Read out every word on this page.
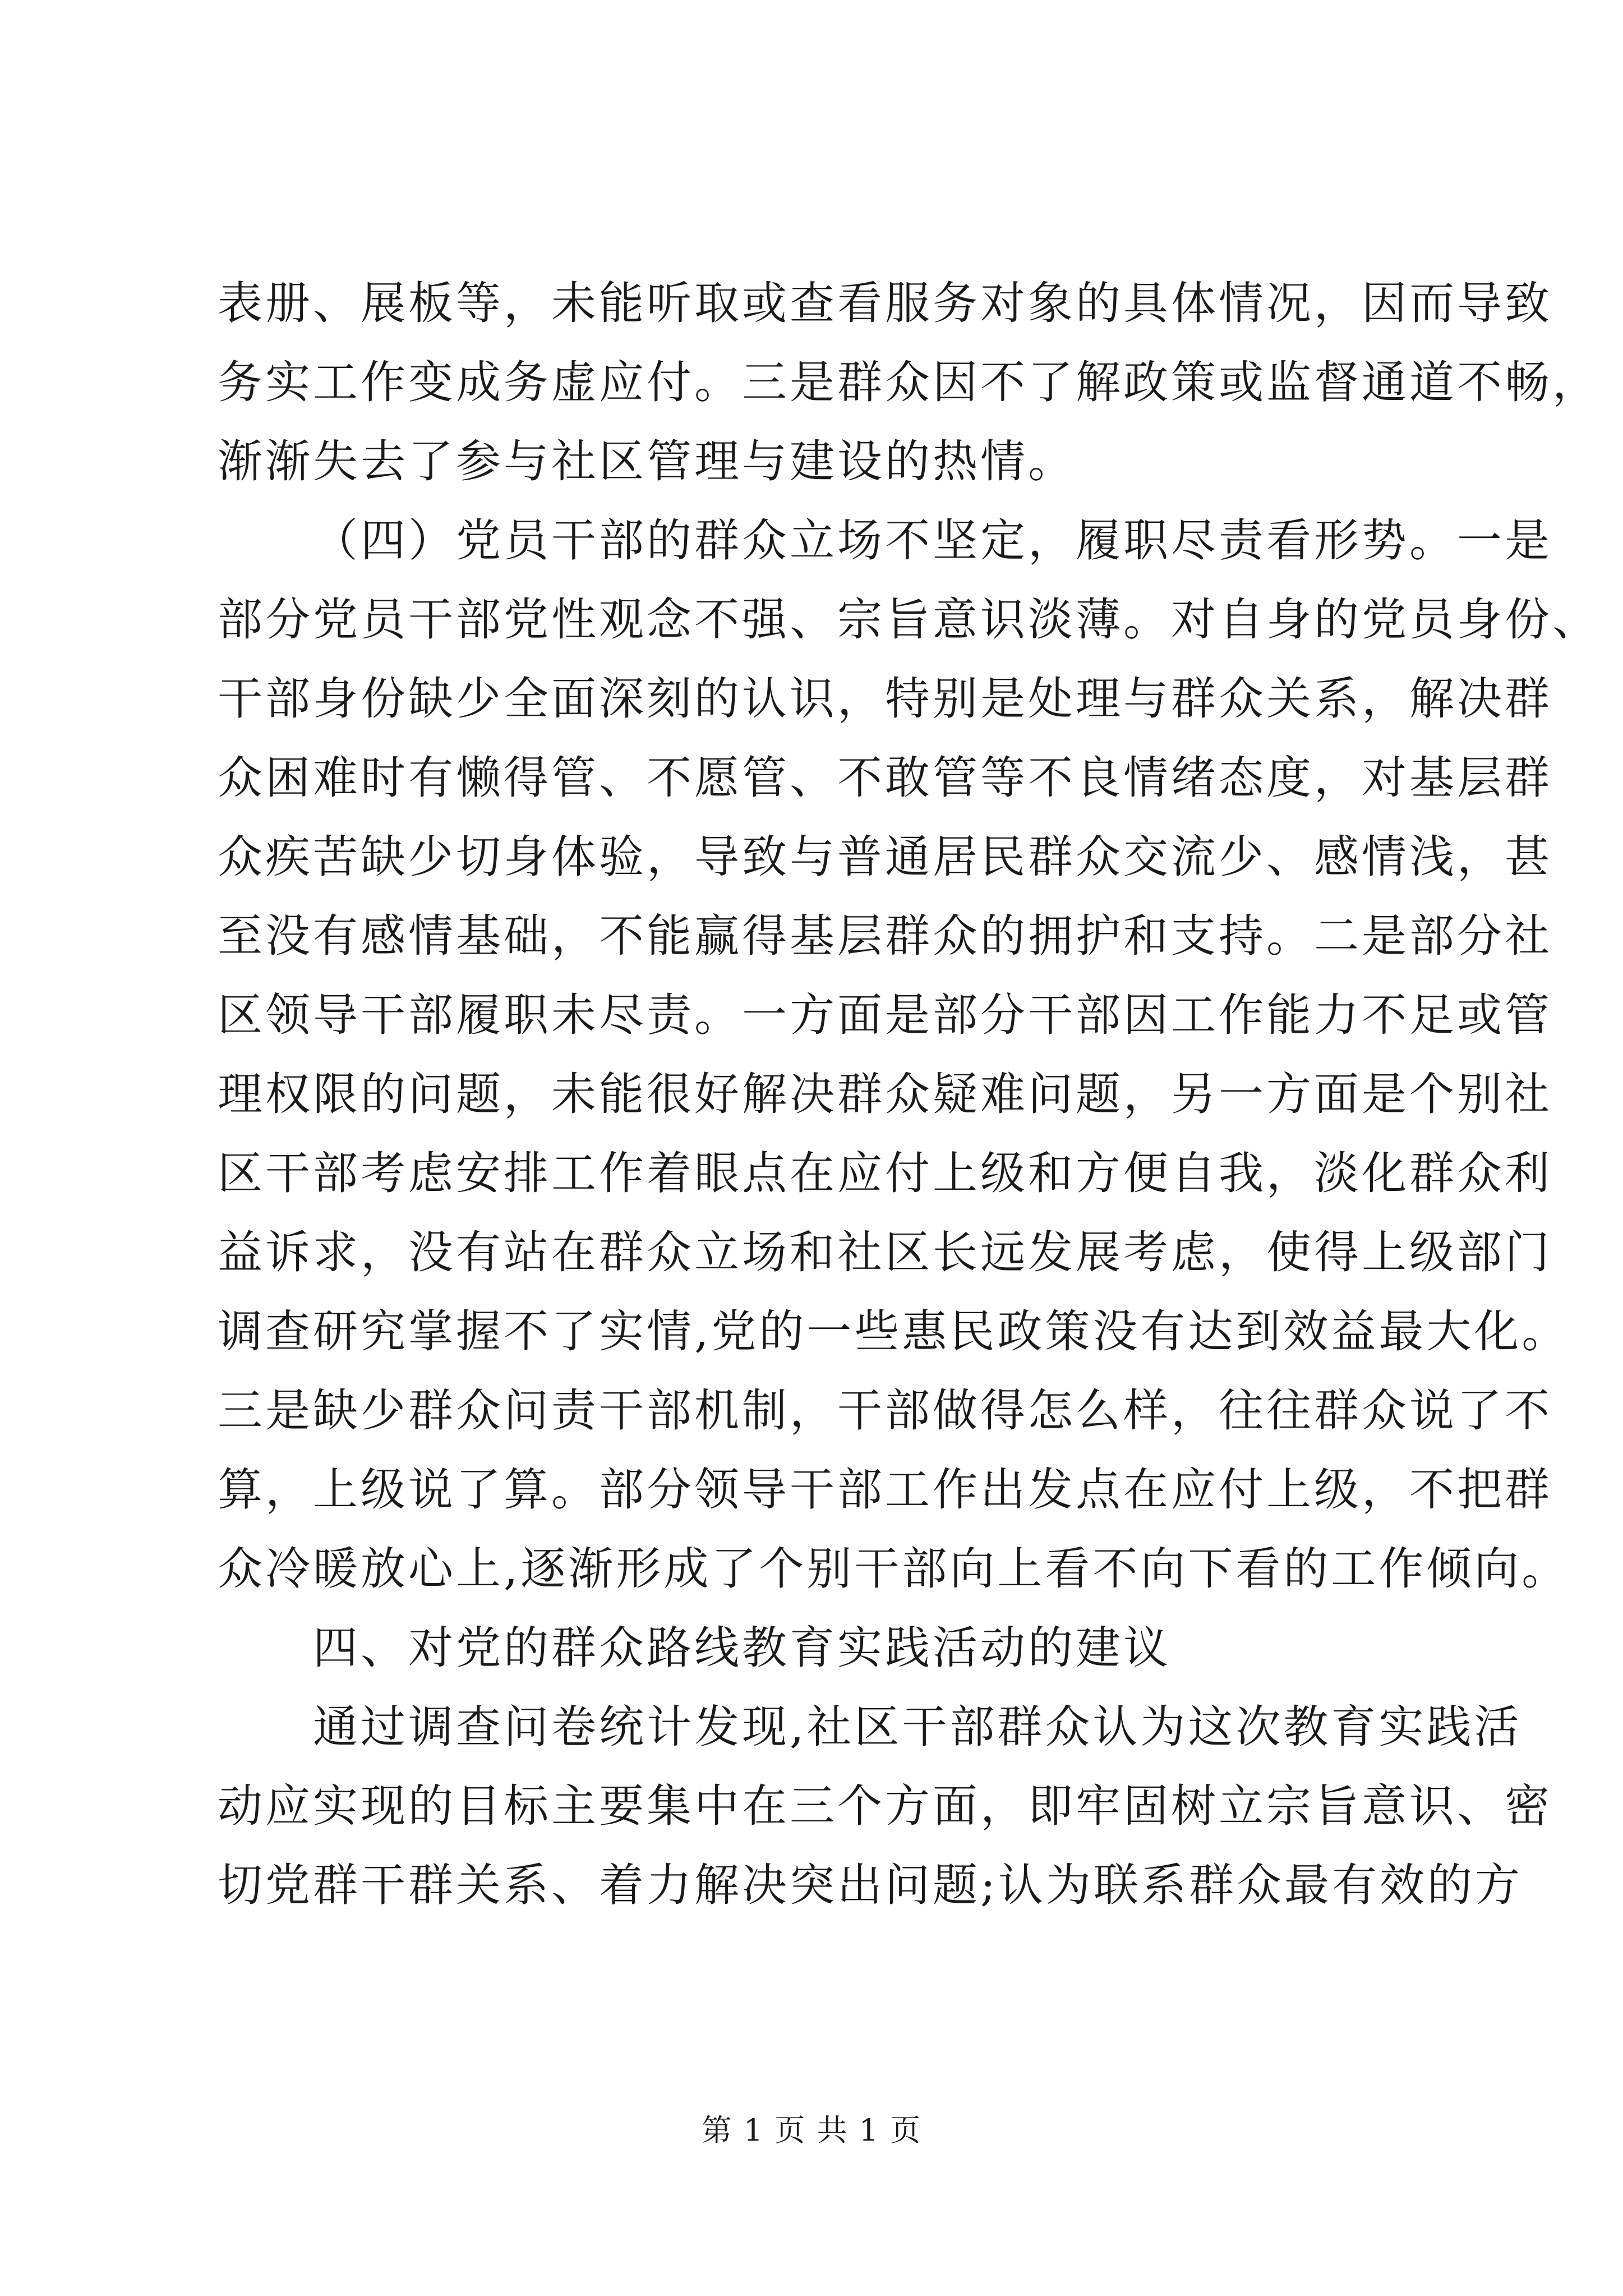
表册、展板等，未能听取或查看服务对象的具体情况，因而导致
务实工作变成务虚应付。三是群众因不了解政策或监督通道不畅，
渐渐失去了参与社区管理与建设的热情。
（四）党员干部的群众立场不坚定，履职尽责看形势。一是
部分党员干部党性观念不强、宗旨意识淡薄。对自身的党员身份、
干部身份缺少全面深刻的认识，特别是处理与群众关系，解决群
众困难时有懒得管、不愿管、不敢管等不良情绪态度，对基层群
众疾苦缺少切身体验，导致与普通居民群众交流少、感情浅，甚
至没有感情基础，不能赢得基层群众的拥护和支持。二是部分社
区领导干部履职未尽责。一方面是部分干部因工作能力不足或管
理权限的问题，未能很好解决群众疑难问题，另一方面是个别社
区干部考虑安排工作着眼点在应付上级和方便自我，淡化群众利
益诉求，没有站在群众立场和社区长远发展考虑，使得上级部门
调查研究掌握不了实情,党的一些惠民政策没有达到效益最大化。
三是缺少群众问责干部机制，干部做得怎么样，往往群众说了不
算，上级说了算。部分领导干部工作出发点在应付上级，不把群
众冷暖放心上,逐渐形成了个别干部向上看不向下看的工作倾向。
四、对党的群众路线教育实践活动的建议
通过调查问卷统计发现,社区干部群众认为这次教育实践活
动应实现的目标主要集中在三个方面，即牢固树立宗旨意识、密
切党群干群关系、着力解决突出问题;认为联系群众最有效的方
第 1 页 共 1 页
